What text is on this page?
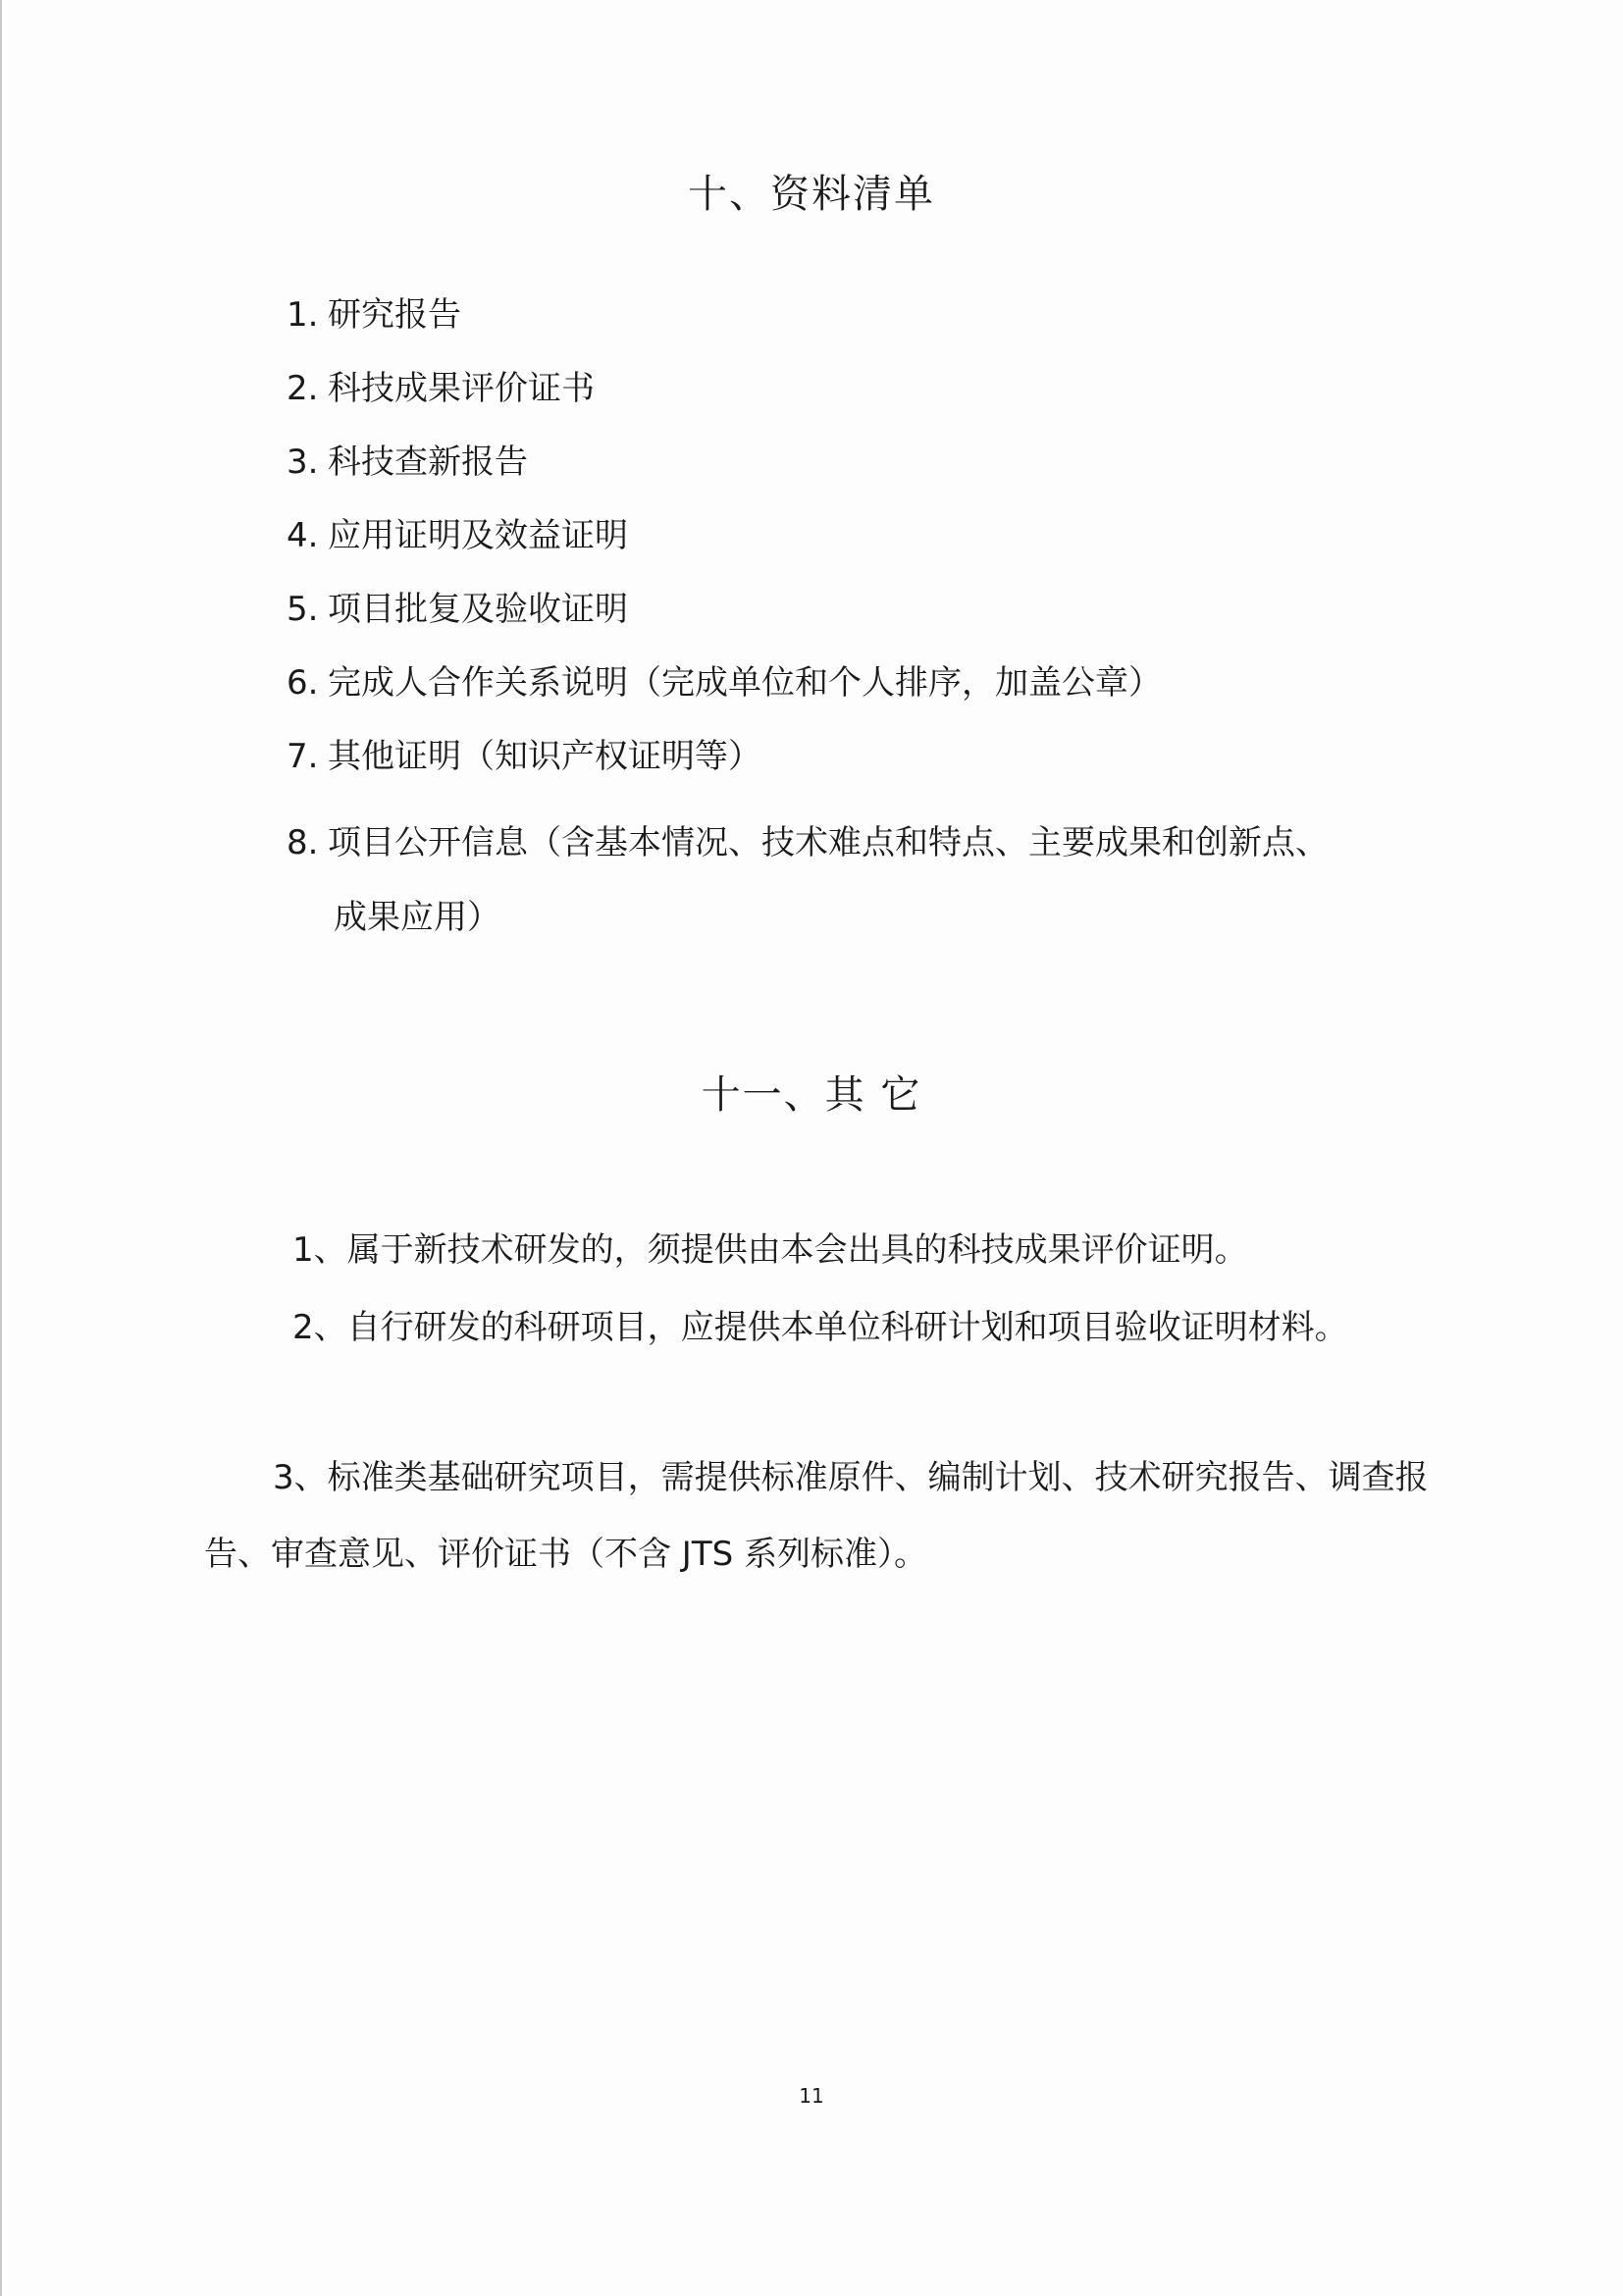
十、资料清单
1. 研究报告
2. 科技成果评价证书
3. 科技查新报告
4. 应用证明及效益证明
5. 项目批复及验收证明
6. 完成人合作关系说明（完成单位和个人排序，加盖公章）
7. 其他证明（知识产权证明等）
8. 项目公开信息（含基本情况、技术难点和特点、主要成果和创新点、
成果应用）
十一、其 它

1、属于新技术研发的，须提供由本会出具的科技成果评价证明。

2、自行研发的科研项目，应提供本单位科研计划和项目验收证明材料。

3、标准类基础研究项目，需提供标准原件、编制计划、技术研究报告、调查报告、审查意见、评价证书（不含 JTS 系列标准）。

11
